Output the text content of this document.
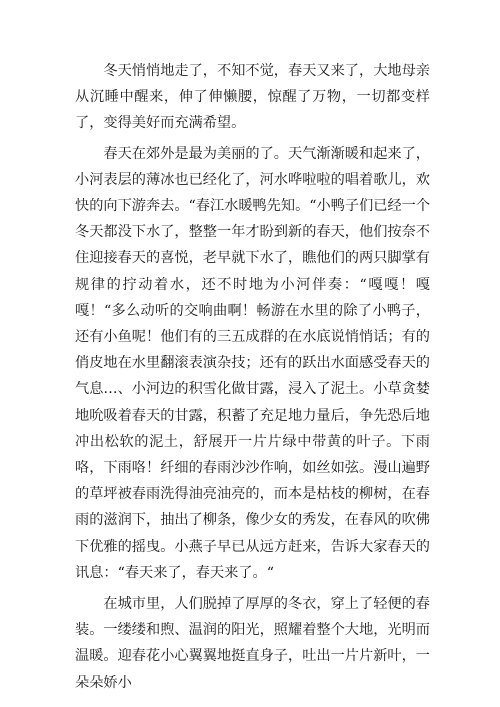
冬天悄悄地走了，不知不觉，春天又来了，大地母亲从沉睡中醒来，伸了伸懒腰，惊醒了万物，一切都变样了，变得美好而充满希望。

春天在郊外是最为美丽的了。天气渐渐暖和起来了，小河表层的薄冰也已经化了，河水哗啦啦的唱着歌儿，欢快的向下游奔去。“春江水暖鸭先知。“小鸭子们已经一个冬天都没下水了，整整一年才盼到新的春天，他们按奈不住迎接春天的喜悦，老早就下水了，瞧他们的两只脚掌有规律的拧动着水，还不时地为小河伴奏：“嘎嘎！嘎嘎！“多么动听的交响曲啊！畅游在水里的除了小鸭子，还有小鱼呢！他们有的三五成群的在水底说悄悄话；有的俏皮地在水里翻滚表演杂技；还有的跃出水面感受春天的气息…、小河边的积雪化做甘露，浸入了泥土。小草贪婪地吮吸着春天的甘露，积蓄了充足地力量后，争先恐后地冲出松软的泥土，舒展开一片片绿中带黄的叶子。下雨咯，下雨咯！纤细的春雨沙沙作响，如丝如弦。漫山遍野的草坪被春雨洗得油亮油亮的，而本是枯枝的柳树，在春雨的滋润下，抽出了柳条，像少女的秀发，在春风的吹佛下优雅的摇曳。小燕子早已从远方赶来，告诉大家春天的讯息：“春天来了，春天来了。“

在城市里，人们脱掉了厚厚的冬衣，穿上了轻便的春装。一缕缕和煦、温润的阳光，照耀着整个大地，光明而温暖。迎春花小心翼翼地挺直身子，吐出一片片新叶，一朵朵娇小
